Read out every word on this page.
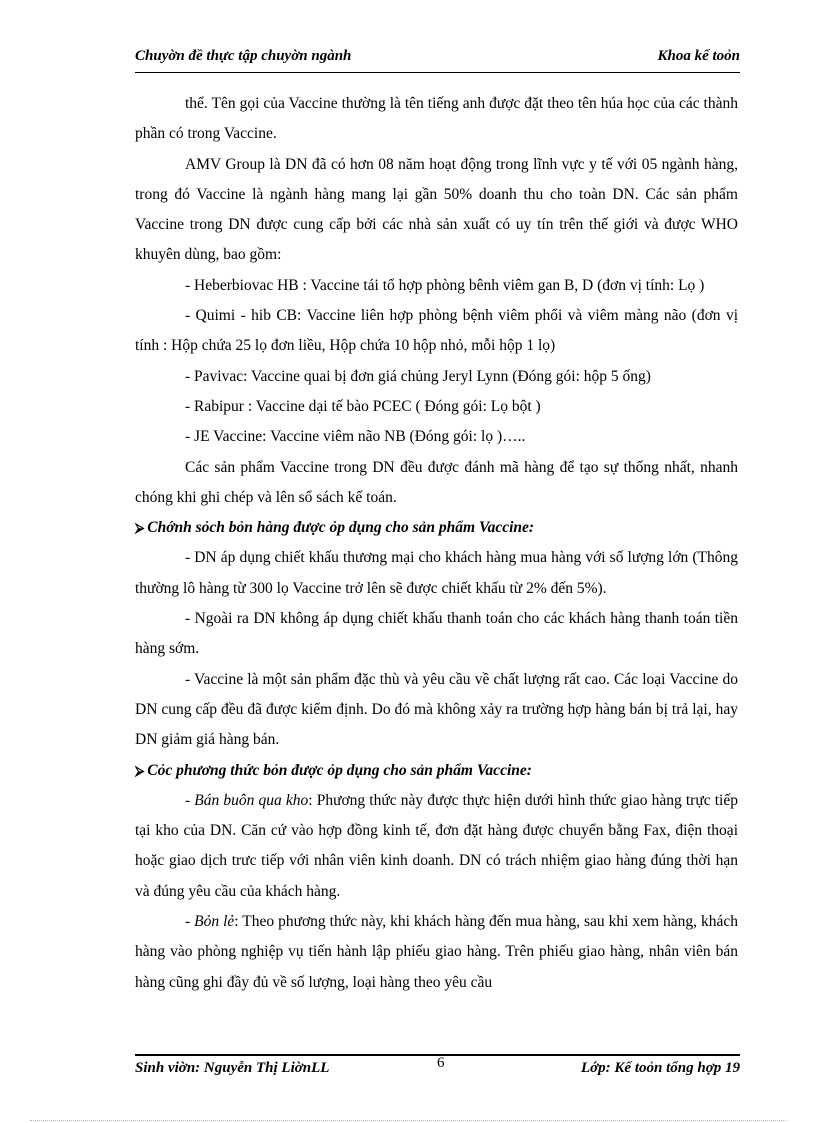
Chuyờn đề thực tập chuyờn ngành	Khoa kế toỏn

thể. Tên gọi của Vaccine thường là tên tiếng anh được đặt theo tên húa học của các thành phần có trong Vaccine.

AMV Group là DN đã có hơn 08 năm hoạt động trong lĩnh vực y tế với 05 ngành hàng, trong đó Vaccine là ngành hàng mang lại gần 50% doanh thu cho toàn DN. Các sản phẩm Vaccine trong DN được cung cấp bởi các nhà sản xuất có uy tín trên thế giới và được WHO khuyên dùng, bao gồm:

- Heberbiovac HB : Vaccine tái tổ hợp phòng bênh viêm gan B, D (đơn vị tính: Lọ )

- Quimi - hib CB: Vaccine liên hợp phòng bệnh viêm phổi và viêm màng não (đơn vị tính : Hộp chứa 25 lọ đơn liều, Hộp chứa 10 hộp nhỏ, mỗi hộp 1 lọ)

- Pavivac: Vaccine quai bị đơn giá chủng Jeryl Lynn (Đóng gói: hộp 5 ống)

- Rabipur : Vaccine dại tế bào PCEC ( Đóng gói: Lọ bột )

- JE Vaccine: Vaccine viêm não NB (Đóng gói: lọ )…..

Các sản phẩm Vaccine trong DN đều được đánh mã hàng để tạo sự thống nhất, nhanh chóng khi ghi chép và lên sổ sách kế toán.

⮚ Chớnh sỏch bỏn hàng được ỏp dụng cho sản phẩm Vaccine:

- DN áp dụng chiết khấu thương mại cho khách hàng mua hàng với số lượng lớn (Thông thường lô hàng từ 300 lọ Vaccine trở lên sẽ được chiết khấu từ 2% đến 5%).

- Ngoài ra DN không áp dụng chiết khấu thanh toán cho các khách hàng thanh toán tiền hàng sớm.

- Vaccine là một sản phẩm đặc thù và yêu cầu về chất lượng rất cao. Các loại Vaccine do DN cung cấp đều đã được kiểm định. Do đó mà không xảy ra trường hợp hàng bán bị trả lại, hay DN giảm giá hàng bán.

⮚ Cỏc phương thức bỏn được ỏp dụng cho sản phẩm Vaccine:

- Bán buôn qua kho: Phương thức này được thực hiện dưới hình thức giao hàng trực tiếp tại kho của DN. Căn cứ vào hợp đồng kinh tế, đơn đặt hàng được chuyển bằng Fax, điện thoại hoặc giao dịch trưc tiếp với nhân viên kinh doanh. DN có trách nhiệm giao hàng đúng thời hạn và đúng yêu cầu của khách hàng.

- Bỏn lẻ: Theo phương thức này, khi khách hàng đến mua hàng, sau khi xem hàng, khách hàng vào phòng nghiệp vụ tiến hành lập phiếu giao hàng. Trên phiếu giao hàng, nhân viên bán hàng cũng ghi đầy đủ về số lượng, loại hàng theo yêu cầu

Sinh viờn: Nguyễn Thị LiờnLL	6	Lớp: Kế toỏn tổng hợp 19
